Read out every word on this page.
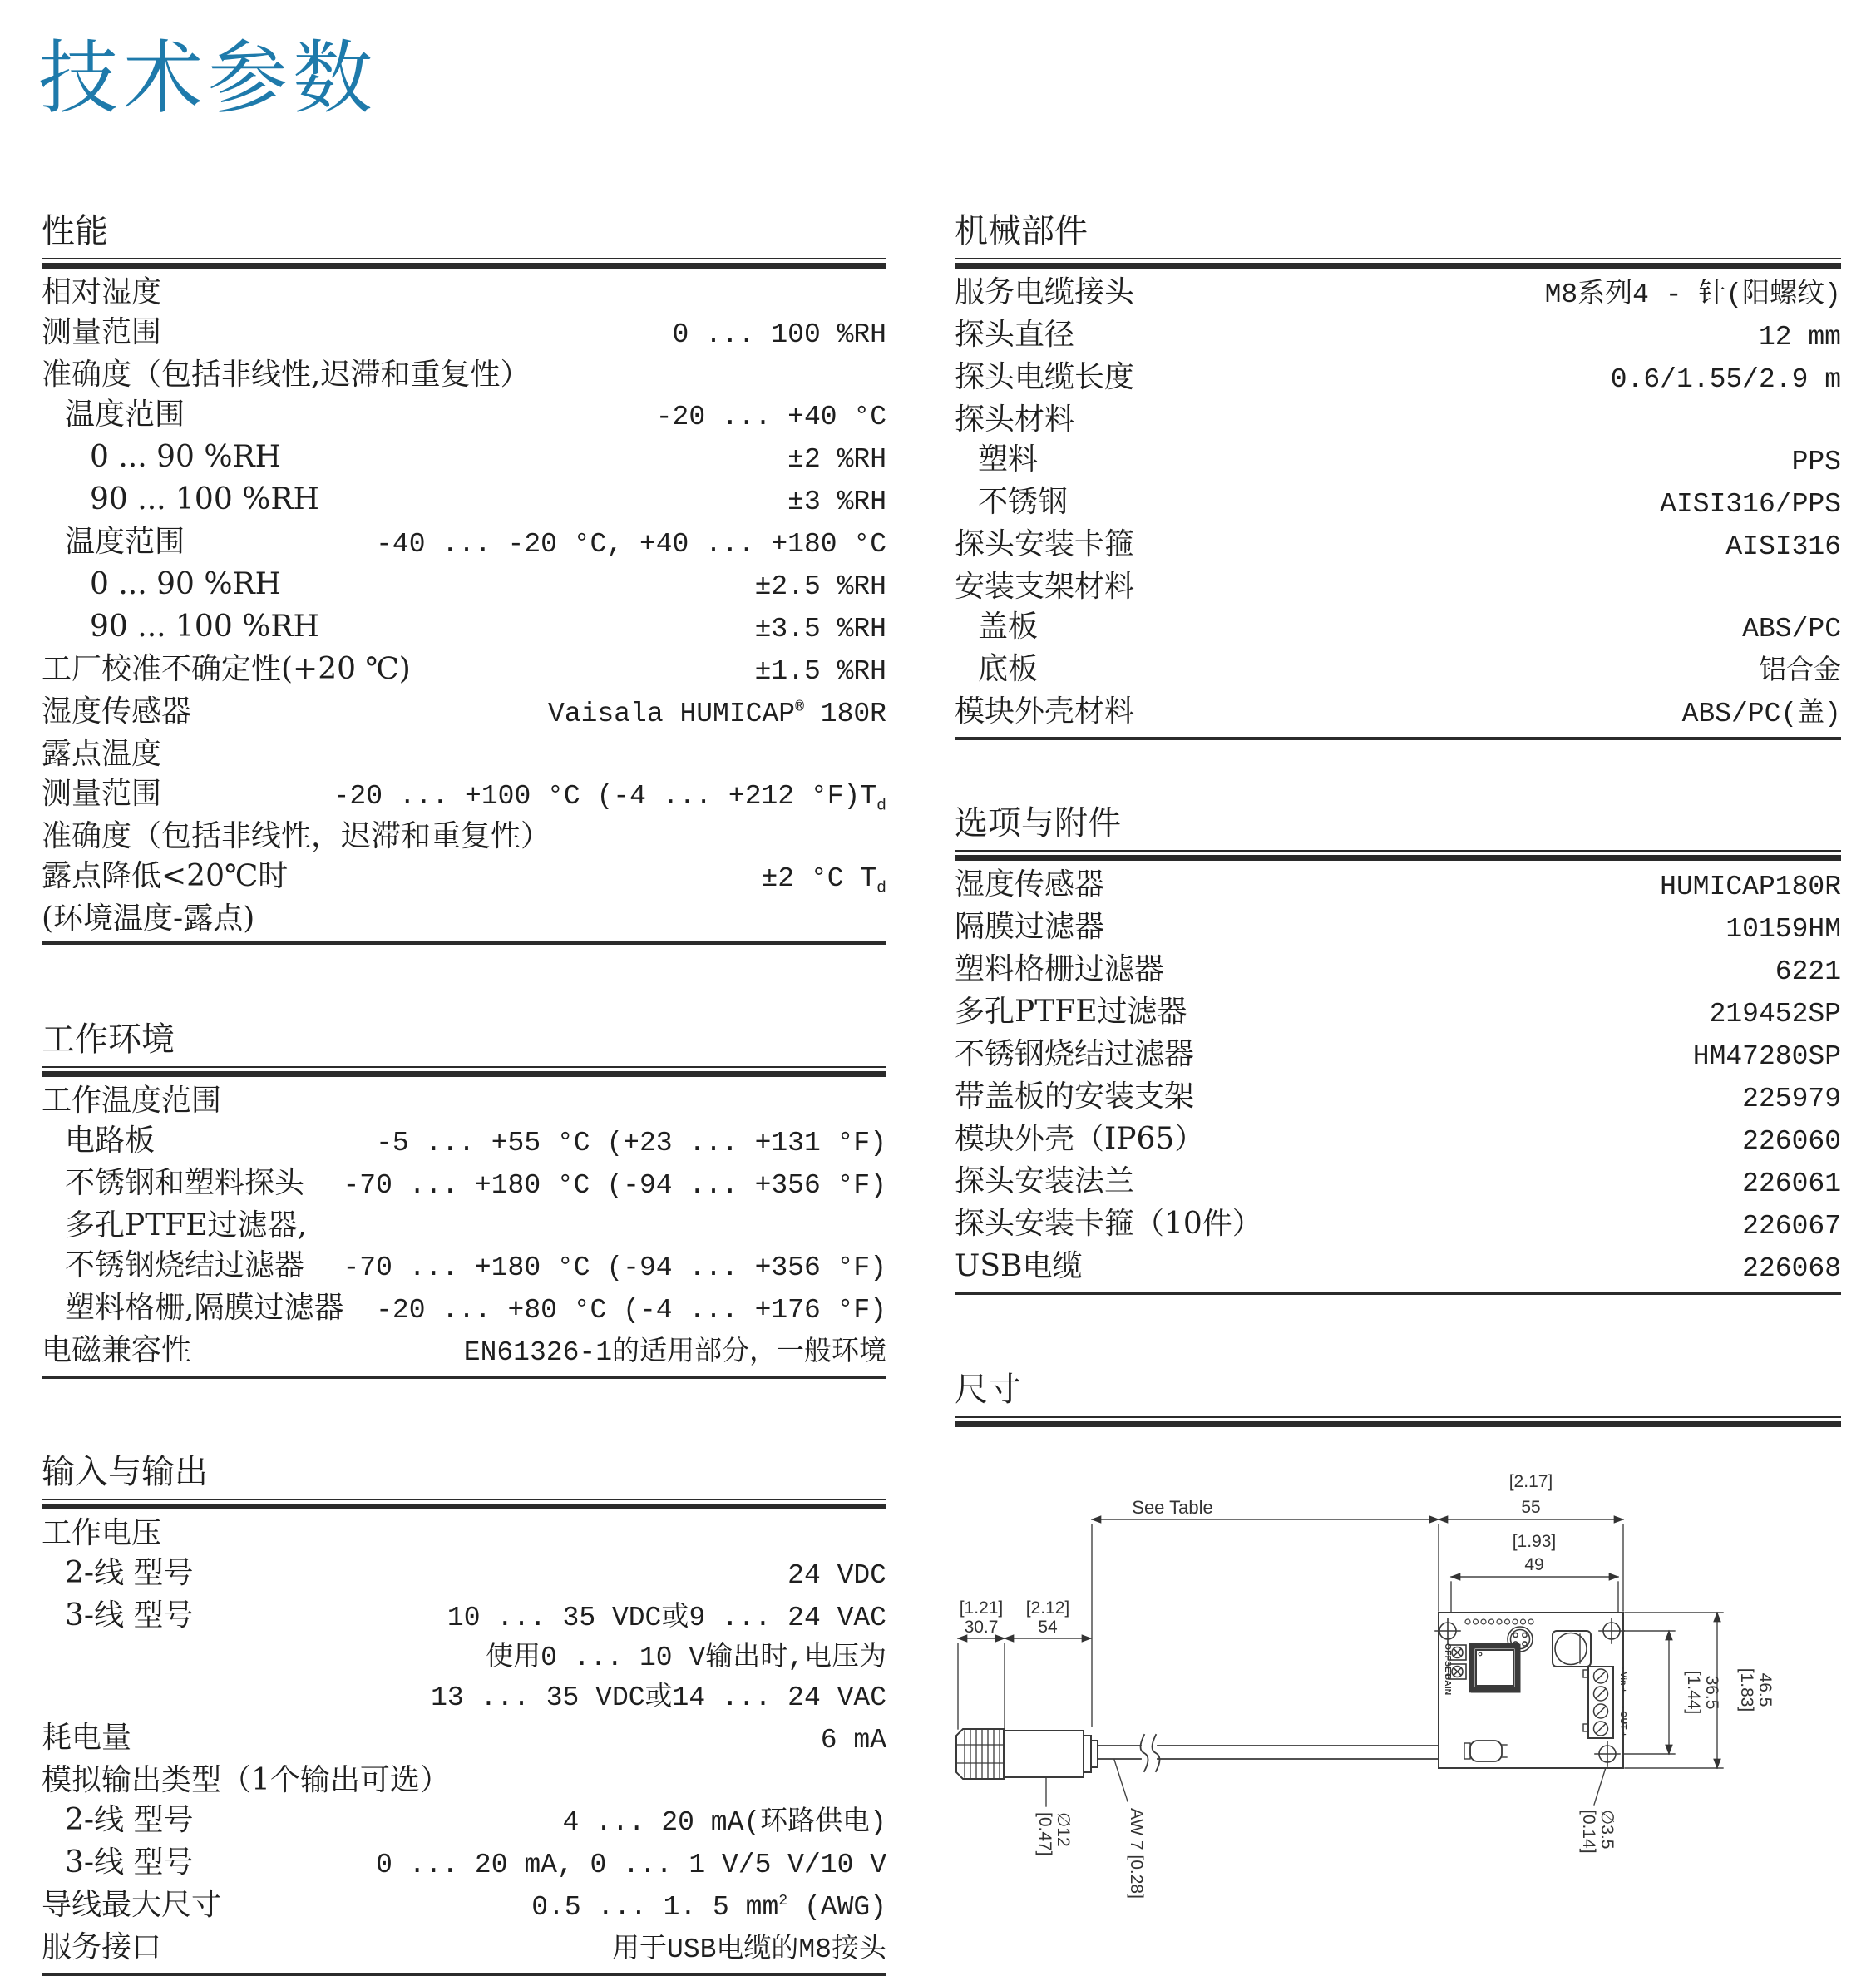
技术参数
性能
相对湿度
测量范围	0 ... 100 %RH
准确度（包括非线性,迟滞和重复性）
温度范围	-20 ... +40 °C
0 ... 90 %RH	±2 %RH
90 ... 100 %RH	±3 %RH
温度范围	-40 ... -20 °C, +40 ... +180 °C
0 ... 90 %RH	±2.5 %RH
90 ... 100 %RH	±3.5 %RH
工厂校准不确定性(+20 ℃)	±1.5 %RH
湿度传感器	Vaisala HUMICAP® 180R
露点温度
测量范围	-20 ... +100 °C (-4 ... +212 $^\circ F)T_d$
准确度（包括非线性，迟滞和重复性）
露点降低<20℃时	±2 °C $T_d$
(环境温度-露点)
工作环境
工作温度范围
电路板	-5 ... +55 °C (+23 ... +131 °F)
不锈钢和塑料探头 -70 ... +180 °C (-94 ... +356 °F)
多孔PTFE过滤器,
不锈钢烧结过滤器 -70 ... +180 °C (-94 ... +356 °F)
塑料格栅,隔膜过滤器 -20 ... +80 °C (-4 ... +176 °F)
电磁兼容性	EN61326-1的适用部分，一般环境
输入与输出
工作电压
2-线 型号	24 VDC
3-线 型号	10 ... 35 VDC或9 ... 24 VAC
使用0 ... 10 V输出时,电压为
13 ... 35 VDC或14 ... 24 VAC
耗电量	6 mA
模拟输出类型（1个输出可选）
2-线 型号	4 ... 20 mA(环路供电)
3-线 型号	0 ... 20 mA, 0 ... 1 V/5 V/10 V
导线最大尺寸	0.5 ... 1. 5 $mm^2$ (AWG)
服务接口	用于USB电缆的M8接头
机械部件
服务电缆接头	M8系列4 - 针(阳螺纹)
探头直径	12 mm
探头电缆长度	0.6/1.55/2.9 m
探头材料
塑料	PPS
不锈钢	AISI316/PPS
探头安装卡箍	AISI316
安装支架材料
盖板	ABS/PC
底板	铝合金
模块外壳材料	ABS/PC(盖)
选项与附件
湿度传感器	HUMICAP180R
隔膜过滤器	10159HM
塑料格栅过滤器	6221
多孔PTFE过滤器	219452SP
不锈钢烧结过滤器	HM47280SP
带盖板的安装支架	225979
模块外壳（IP65）	226060
探头安装法兰	226061
探头安装卡箍（10件）	226067
USB电缆	226068
尺寸
See Table
[2.17]
55
[1.93]
49
[1.21]
30.7
[2.12]
54
[1.44] 36.5 [1.83] 46.5
[0.47] ∅12	AW 7 [0.28]	[0.14] ∅3.5
OFFSET
GAIN	- Vin +
- OUT +
